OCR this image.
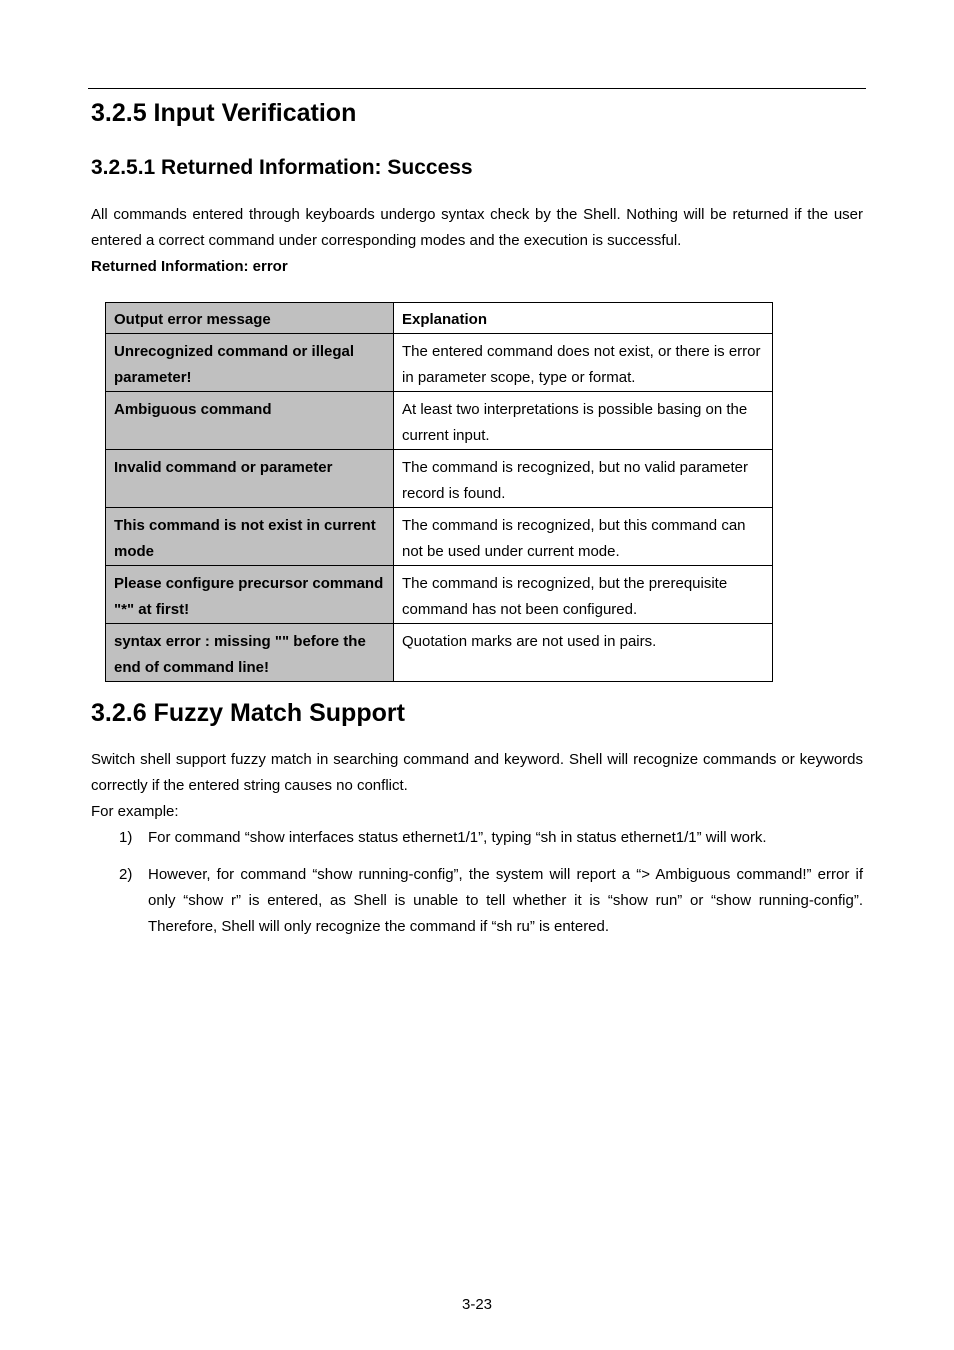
3.2.5 Input Verification
3.2.5.1 Returned Information: Success

All commands entered through keyboards undergo syntax check by the Shell. Nothing will be returned if the user entered a correct command under corresponding modes and the execution is successful.

Returned Information: error

Output error message	Explanation
Unrecognized command or illegal parameter!	The entered command does not exist, or there is error in parameter scope, type or format.
Ambiguous command	At least two interpretations is possible basing on the current input.
Invalid command or parameter	The command is recognized, but no valid parameter record is found.
This command is not exist in current mode	The command is recognized, but this command can not be used under current mode.
Please configure precursor command "*" at first!	The command is recognized, but the prerequisite command has not been configured.
syntax error : missing "" before the end of command line!	Quotation marks are not used in pairs.
3.2.6 Fuzzy Match Support

Switch shell support fuzzy match in searching command and keyword. Shell will recognize commands or keywords correctly if the entered string causes no conflict.

For example:

1) For command “show interfaces status ethernet1/1”, typing “sh in status ethernet1/1” will work.
2) However, for command “show running-config”, the system will report a “> Ambiguous command!” error if only “show r” is entered, as Shell is unable to tell whether it is “show run” or “show running-config”. Therefore, Shell will only recognize the command if “sh ru” is entered.
3-23
